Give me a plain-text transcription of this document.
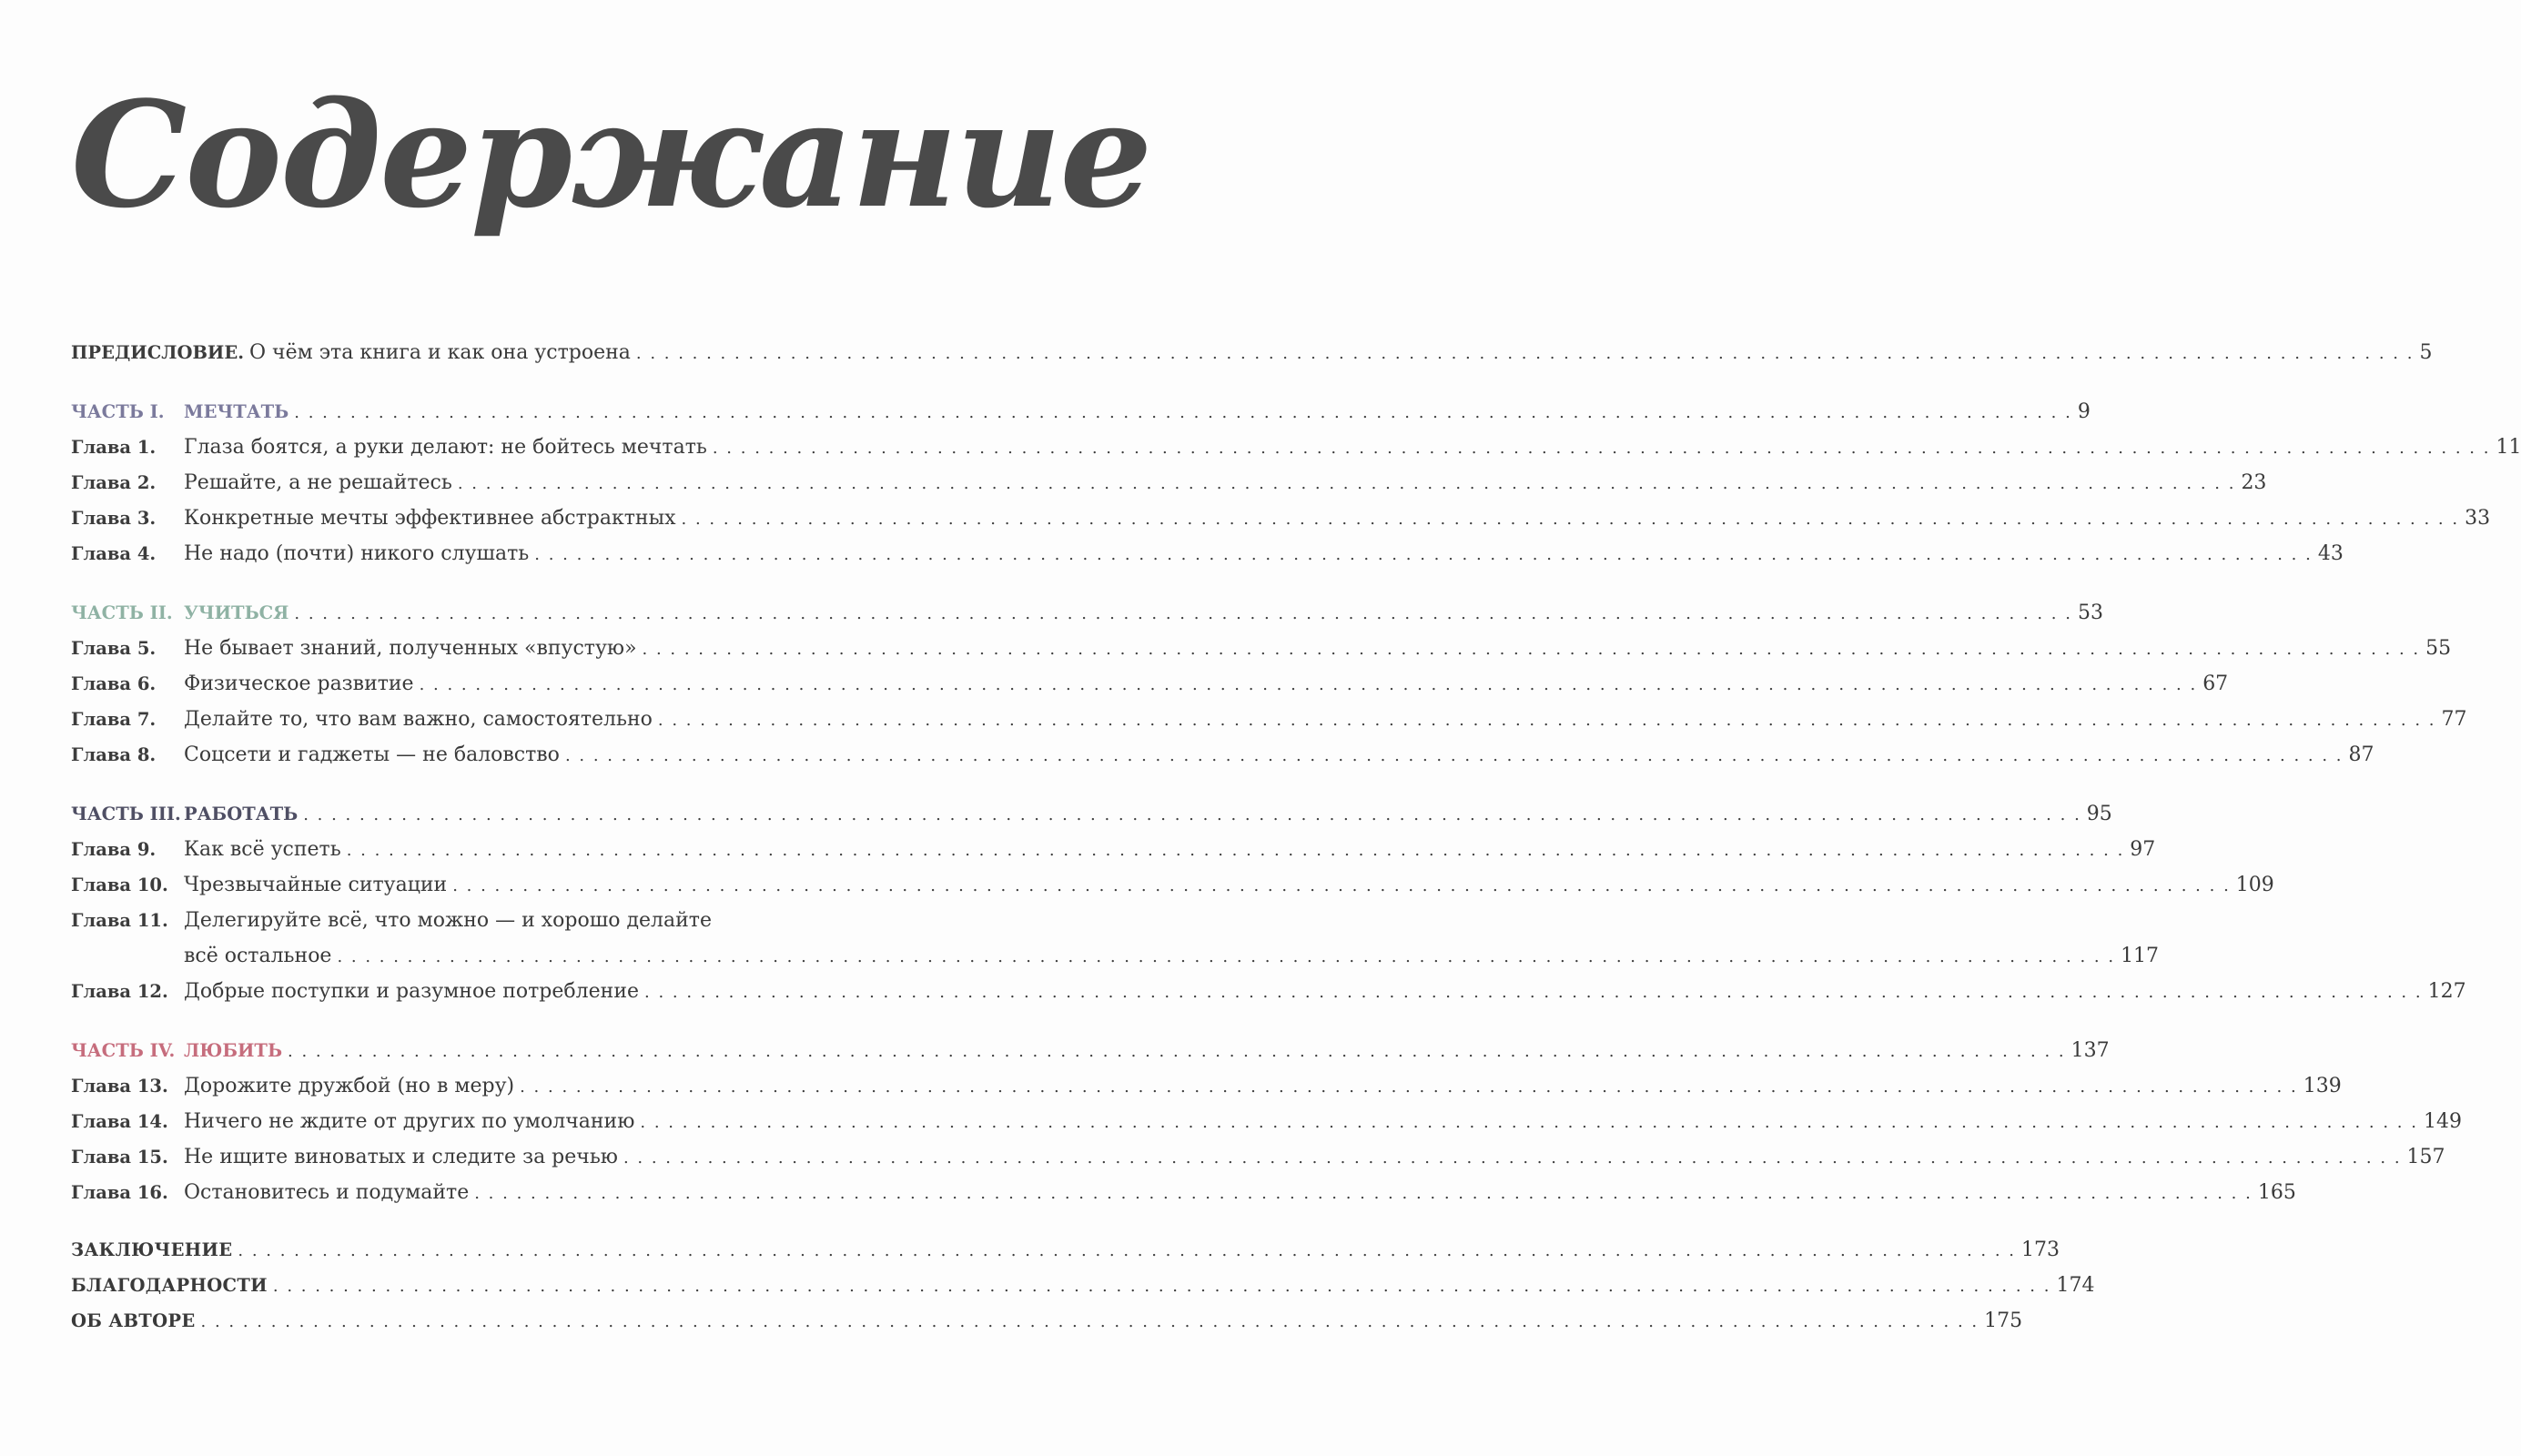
Содержание
ПРЕДИСЛОВИЕ. О чём эта книга и как она устроена . . .	5
ЧАСТЬ I.	МЕЧТАТЬ . . .	9
Глава 1.	Глаза боятся, а руки делают: не бойтесь мечтать . . .	11
Глава 2.	Решайте, а не решайтесь . . .	23
Глава 3.	Конкретные мечты эффективнее абстрактных . . .	33
Глава 4.	Не надо (почти) никого слушать . . .	43
ЧАСТЬ II. УЧИТЬСЯ . . .	53
Глава 5.	Не бывает знаний, полученных «впустую» . . .	55
Глава 6.	Физическое развитие . . .	67
Глава 7.	Делайте то, что вам важно, самостоятельно . . .	77
Глава 8.	Соцсети и гаджеты — не баловство . . .	87
ЧАСТЬ III. РАБОТАТЬ . . .	95
Глава 9.	Как всё успеть . . .	97
Глава 10. Чрезвычайные ситуации . . .	109
Глава 11. Делегируйте всё, что можно — и хорошо делайте
всё остальное . . .	117
Глава 12. Добрые поступки и разумное потребление . . .	127
ЧАСТЬ IV. ЛЮБИТЬ . . .	137
Глава 13. Дорожите дружбой (но в меру) . . .	139
Глава 14. Ничего не ждите от других по умолчанию . . .	149
Глава 15. Не ищите виноватых и следите за речью . . .	157
Глава 16. Остановитесь и подумайте . . .	165
ЗАКЛЮЧЕНИЕ . . .	173
БЛАГОДАРНОСТИ . . .	174
ОБ АВТОРЕ . . .	175
